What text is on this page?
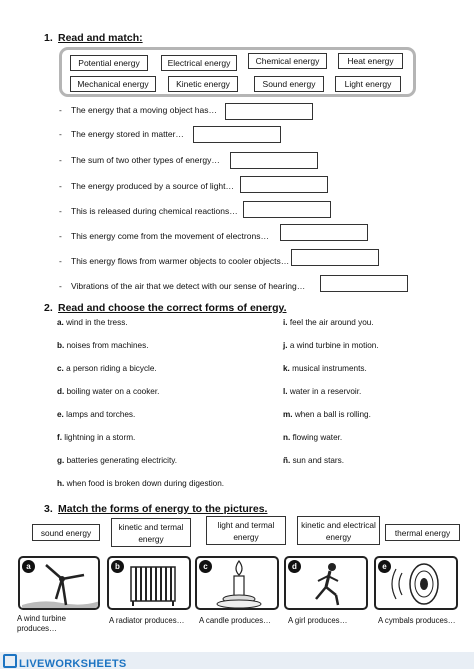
1. Read and match:
Potential energy	Electrical energy	Chemical energy	Heat energy
Mechanical energy	Kinetic energy	Sound energy	Light energy
- The energy that a moving object has…
- The energy stored in matter…
- The sum of two other types of energy…
- The energy produced by a source of light…
- This is released during chemical reactions…
- This energy come from the movement of electrons…
- This energy flows from warmer objects to cooler objects…
- Vibrations of the air that we detect with our sense of hearing…
2. Read and choose the correct forms of energy.
a. wind in the tress.
b. noises from machines.
c. a person riding a bicycle.
d. boiling water on a cooker.
e. lamps and torches.
f. lightning in a storm.
g. batteries generating electricity.
h. when food is broken down during digestion.
i. feel the air around you.
j. a wind turbine in motion.
k. musical instruments.
l. water in a reservoir.
m. when a ball is rolling.
n. flowing water.
ñ. sun and stars.
3. Match the forms of energy to the pictures.
sound energy
kinetic and termal energy
light and termal energy
kinetic and electrical energy	thermal energy
a	b	c	d	e
A wind turbine produces…
A radiator produces… A candle produces… A girl produces…	A cymbals produces…
LIVEWORKSHEETS
